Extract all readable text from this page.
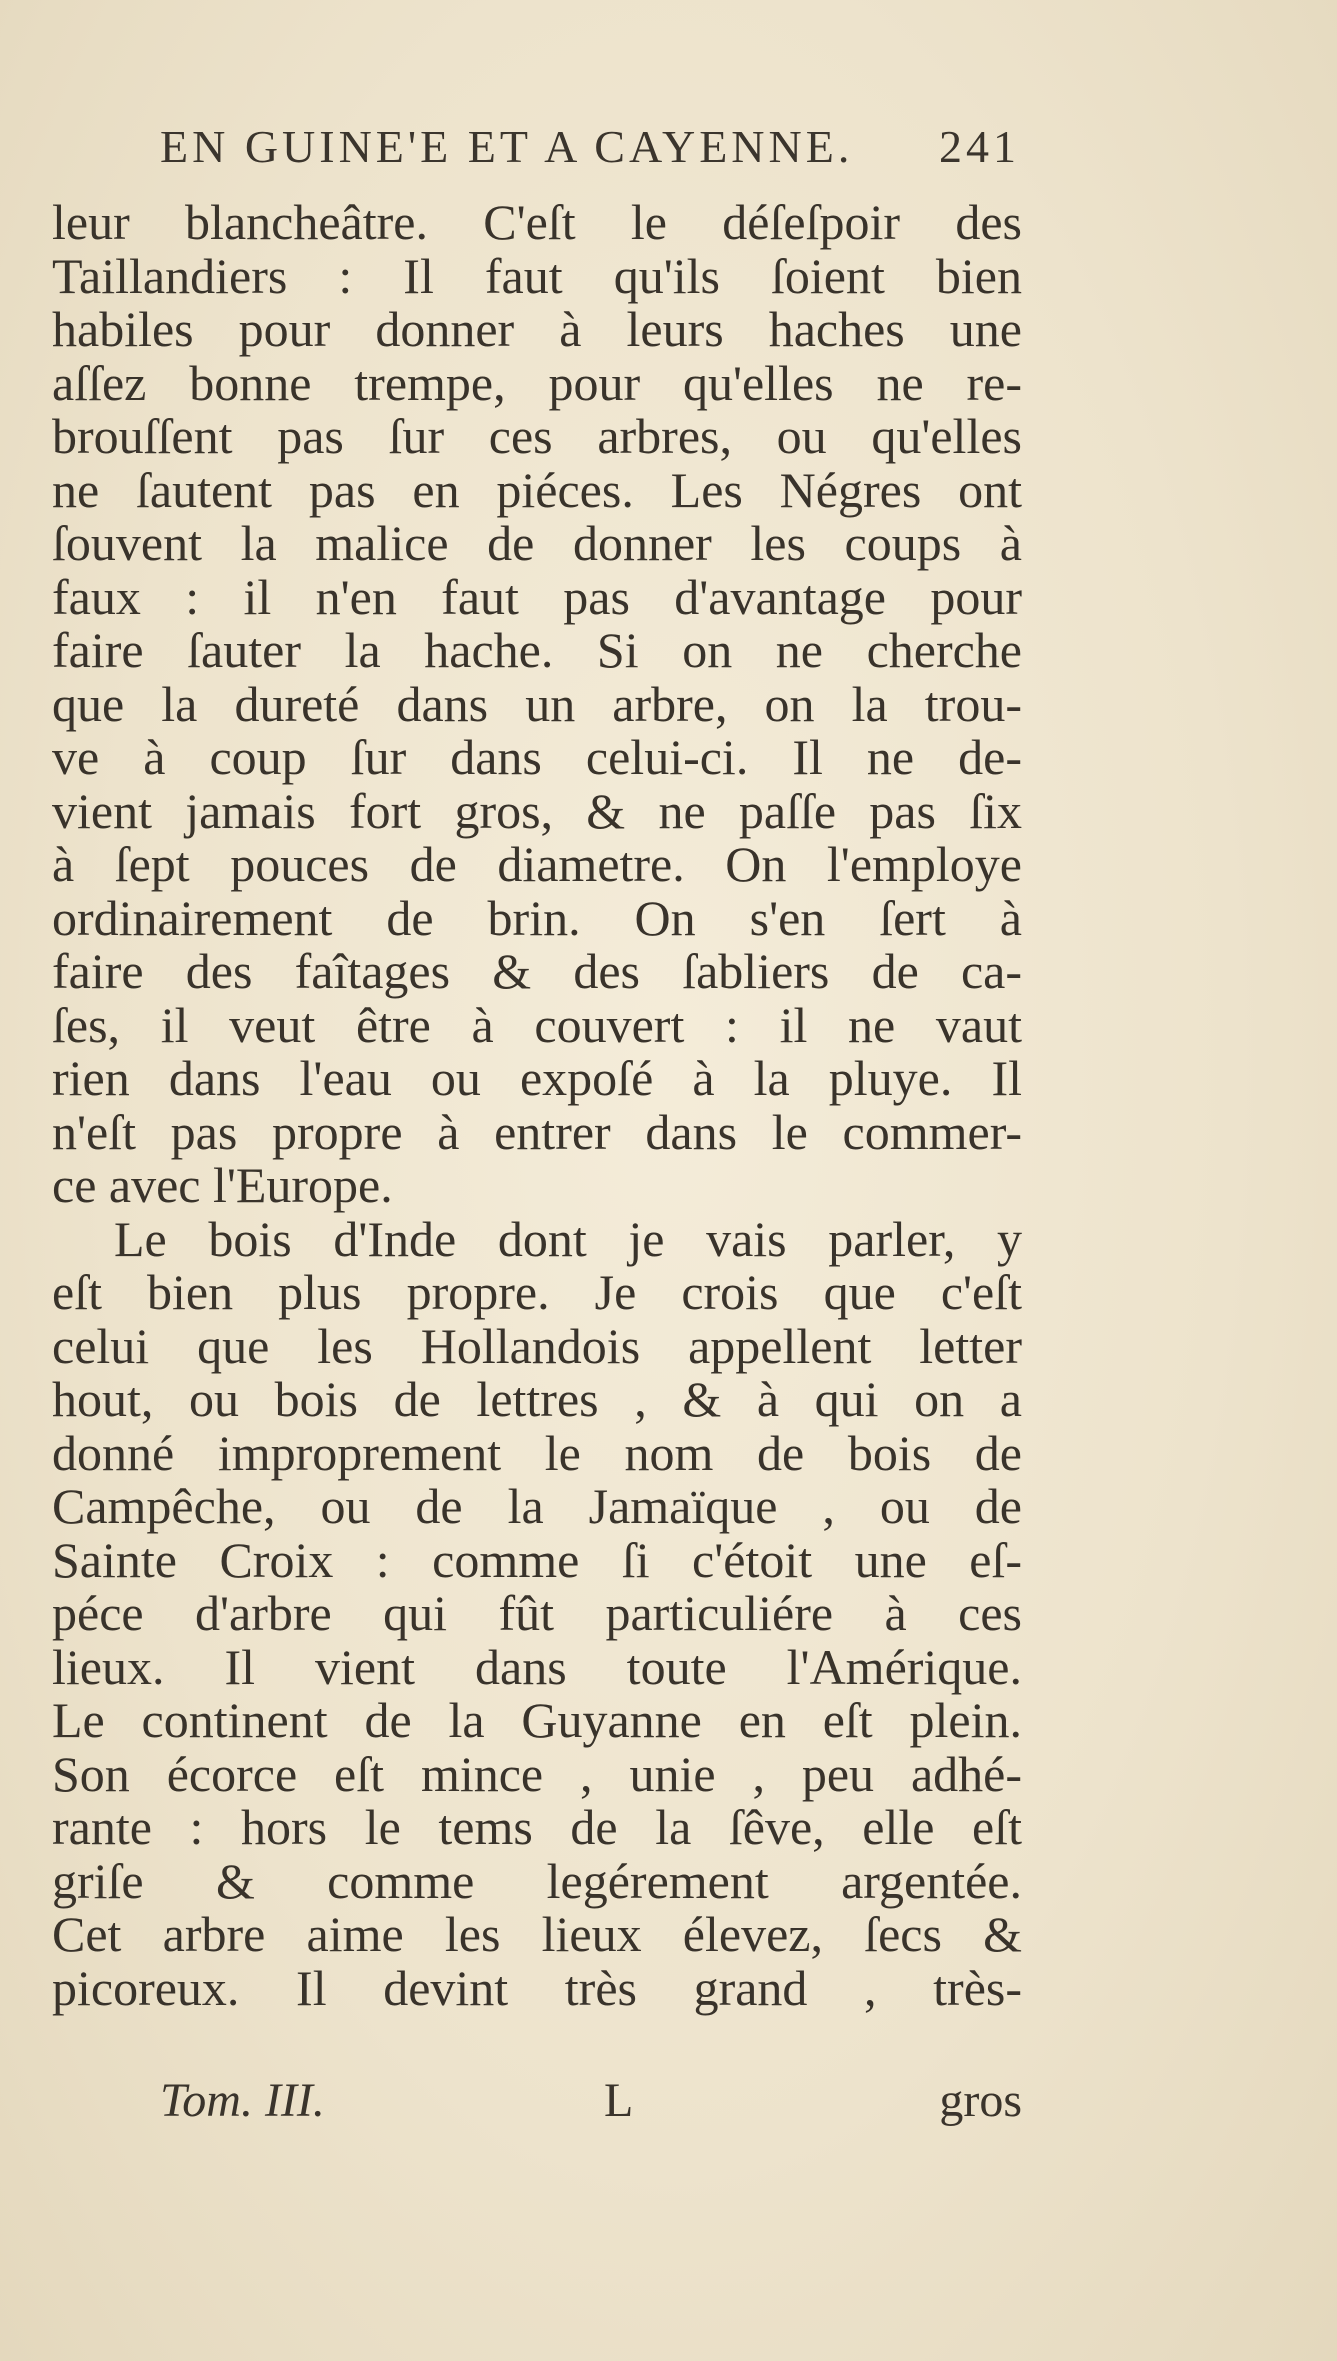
EN GUINE'E ET A CAYENNE. 241
leur blancheâtre. C'eſt le déſeſpoir des
Taillandiers : Il faut qu'ils ſoient bien
habiles pour donner à leurs haches une
aſſez bonne trempe, pour qu'elles ne re-
brouſſent pas ſur ces arbres, ou qu'elles
ne ſautent pas en piéces. Les Négres ont
ſouvent la malice de donner les coups à
faux : il n'en faut pas d'avantage pour
faire ſauter la hache. Si on ne cherche
que la dureté dans un arbre, on la trou-
ve à coup ſur dans celui-ci. Il ne de-
vient jamais fort gros, & ne paſſe pas ſix
à ſept pouces de diametre. On l'employe
ordinairement de brin. On s'en ſert à
faire des faîtages & des ſabliers de ca-
ſes, il veut être à couvert : il ne vaut
rien dans l'eau ou expoſé à la pluye. Il
n'eſt pas propre à entrer dans le commer-
ce avec l'Europe.
Le bois d'Inde dont je vais parler, y
eſt bien plus propre. Je crois que c'eſt
celui que les Hollandois appellent letter
hout, ou bois de lettres , & à qui on a
donné improprement le nom de bois de
Campêche, ou de la Jamaïque , ou de
Sainte Croix : comme ſi c'étoit une eſ-
péce d'arbre qui fût particuliére à ces
lieux. Il vient dans toute l'Amérique.
Le continent de la Guyanne en eſt plein.
Son écorce eſt mince , unie , peu adhé-
rante : hors le tems de la ſêve, elle eſt
griſe & comme legérement argentée.
Cet arbre aime les lieux élevez, ſecs &
picoreux. Il devint très grand , très-
Tom. III.	L	gros
